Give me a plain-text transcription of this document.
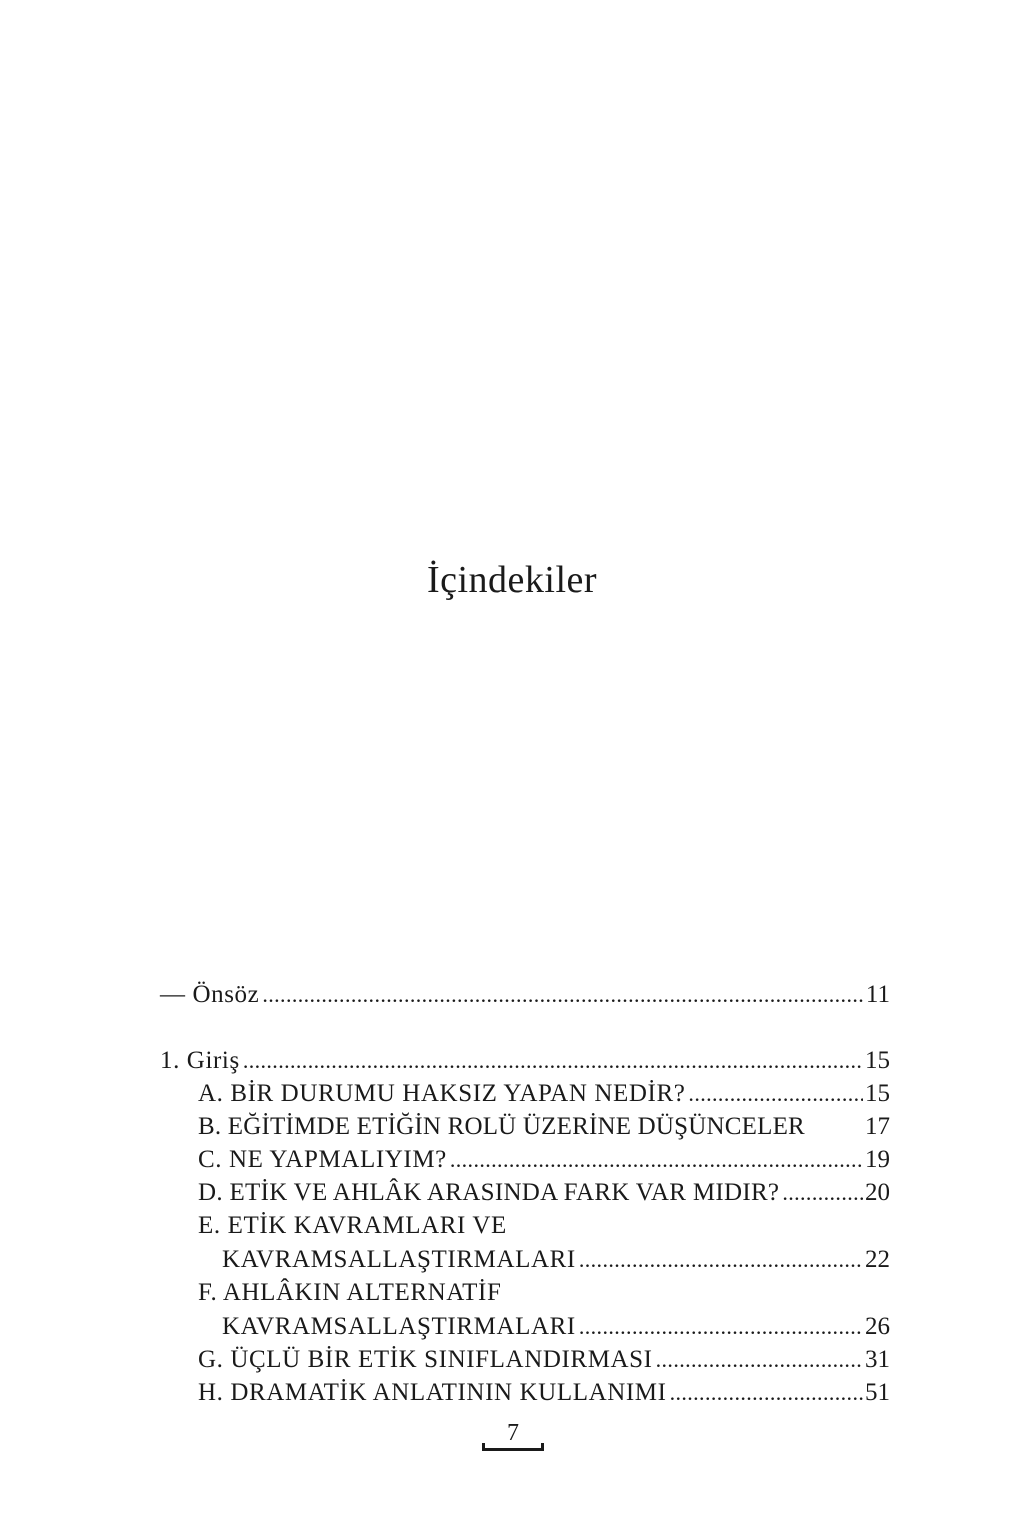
İçindekiler
— Önsöz .....	11
1. Giriş .....	15
A. BİR DURUMU HAKSIZ YAPAN NEDİR? .....	15
B. EĞİTİMDE ETİĞİN ROLÜ ÜZERİNE DÜŞÜNCELER 17
C. NE YAPMALIYIM? .....	19
D. ETİK VE AHLÂK ARASINDA FARK VAR MIDIR? .....	20
E. ETİK KAVRAMLARI VE
KAVRAMSALLAŞTIRMALARI .....	22
F. AHLÂKIN ALTERNATİF
KAVRAMSALLAŞTIRMALARI .....	26
G. ÜÇLÜ BİR ETİK SINIFLANDIRMASI .....	31
H. DRAMATİK ANLATININ KULLANIMI .....	51
7
